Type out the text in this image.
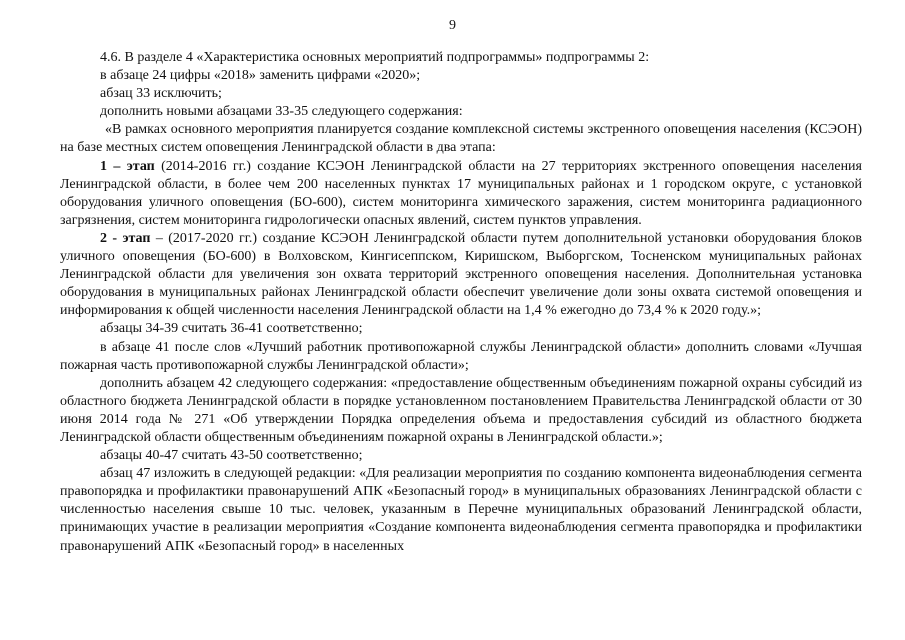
9

4.6. В разделе 4 «Характеристика основных мероприятий подпрограммы» подпрограммы 2:

в абзаце 24 цифры «2018» заменить цифрами «2020»;

абзац 33 исключить;

дополнить новыми абзацами 33-35 следующего содержания:

«В рамках основного мероприятия планируется создание комплексной системы экстренного оповещения населения (КСЭОН) на базе местных систем оповещения Ленинградской области в два этапа:

1 – этап (2014-2016 гг.) создание КСЭОН Ленинградской области на 27 территориях экстренного оповещения населения Ленинградской области, в более чем 200 населенных пунктах 17 муниципальных районах и 1 городском округе, с установкой оборудования уличного оповещения (БО-600), систем мониторинга химического заражения, систем мониторинга радиационного загрязнения, систем мониторинга гидрологически опасных явлений, систем пунктов управления.

2 - этап – (2017-2020 гг.) создание КСЭОН Ленинградской области путем дополнительной установки оборудования блоков уличного оповещения (БО-600) в Волховском, Кингисеппском, Киришском, Выборгском, Тосненском муниципальных районах Ленинградской области для увеличения зон охвата территорий экстренного оповещения населения. Дополнительная установка оборудования в муниципальных районах Ленинградской области обеспечит увеличение доли зоны охвата системой оповещения и информирования к общей численности населения Ленинградской области на 1,4 % ежегодно до 73,4 % к 2020 году.»;

абзацы 34-39 считать 36-41 соответственно;

в абзаце 41 после слов «Лучший работник противопожарной службы Ленинградской области» дополнить словами «Лучшая пожарная часть противопожарной службы Ленинградской области»;

дополнить абзацем 42 следующего содержания: «предоставление общественным объединениям пожарной охраны субсидий из областного бюджета Ленинградской области в порядке установленном постановлением Правительства Ленинградской области от 30 июня 2014 года № 271 «Об утверждении Порядка определения объема и предоставления субсидий из областного бюджета Ленинградской области общественным объединениям пожарной охраны в Ленинградской области.»;

абзацы 40-47 считать 43-50 соответственно;

абзац 47 изложить в следующей редакции: «Для реализации мероприятия по созданию компонента видеонаблюдения сегмента правопорядка и профилактики правонарушений АПК «Безопасный город» в муниципальных образованиях Ленинградской области с численностью населения свыше 10 тыс. человек, указанным в Перечне муниципальных образований Ленинградской области, принимающих участие в реализации мероприятия «Создание компонента видеонаблюдения сегмента правопорядка и профилактики правонарушений АПК «Безопасный город» в населенных
